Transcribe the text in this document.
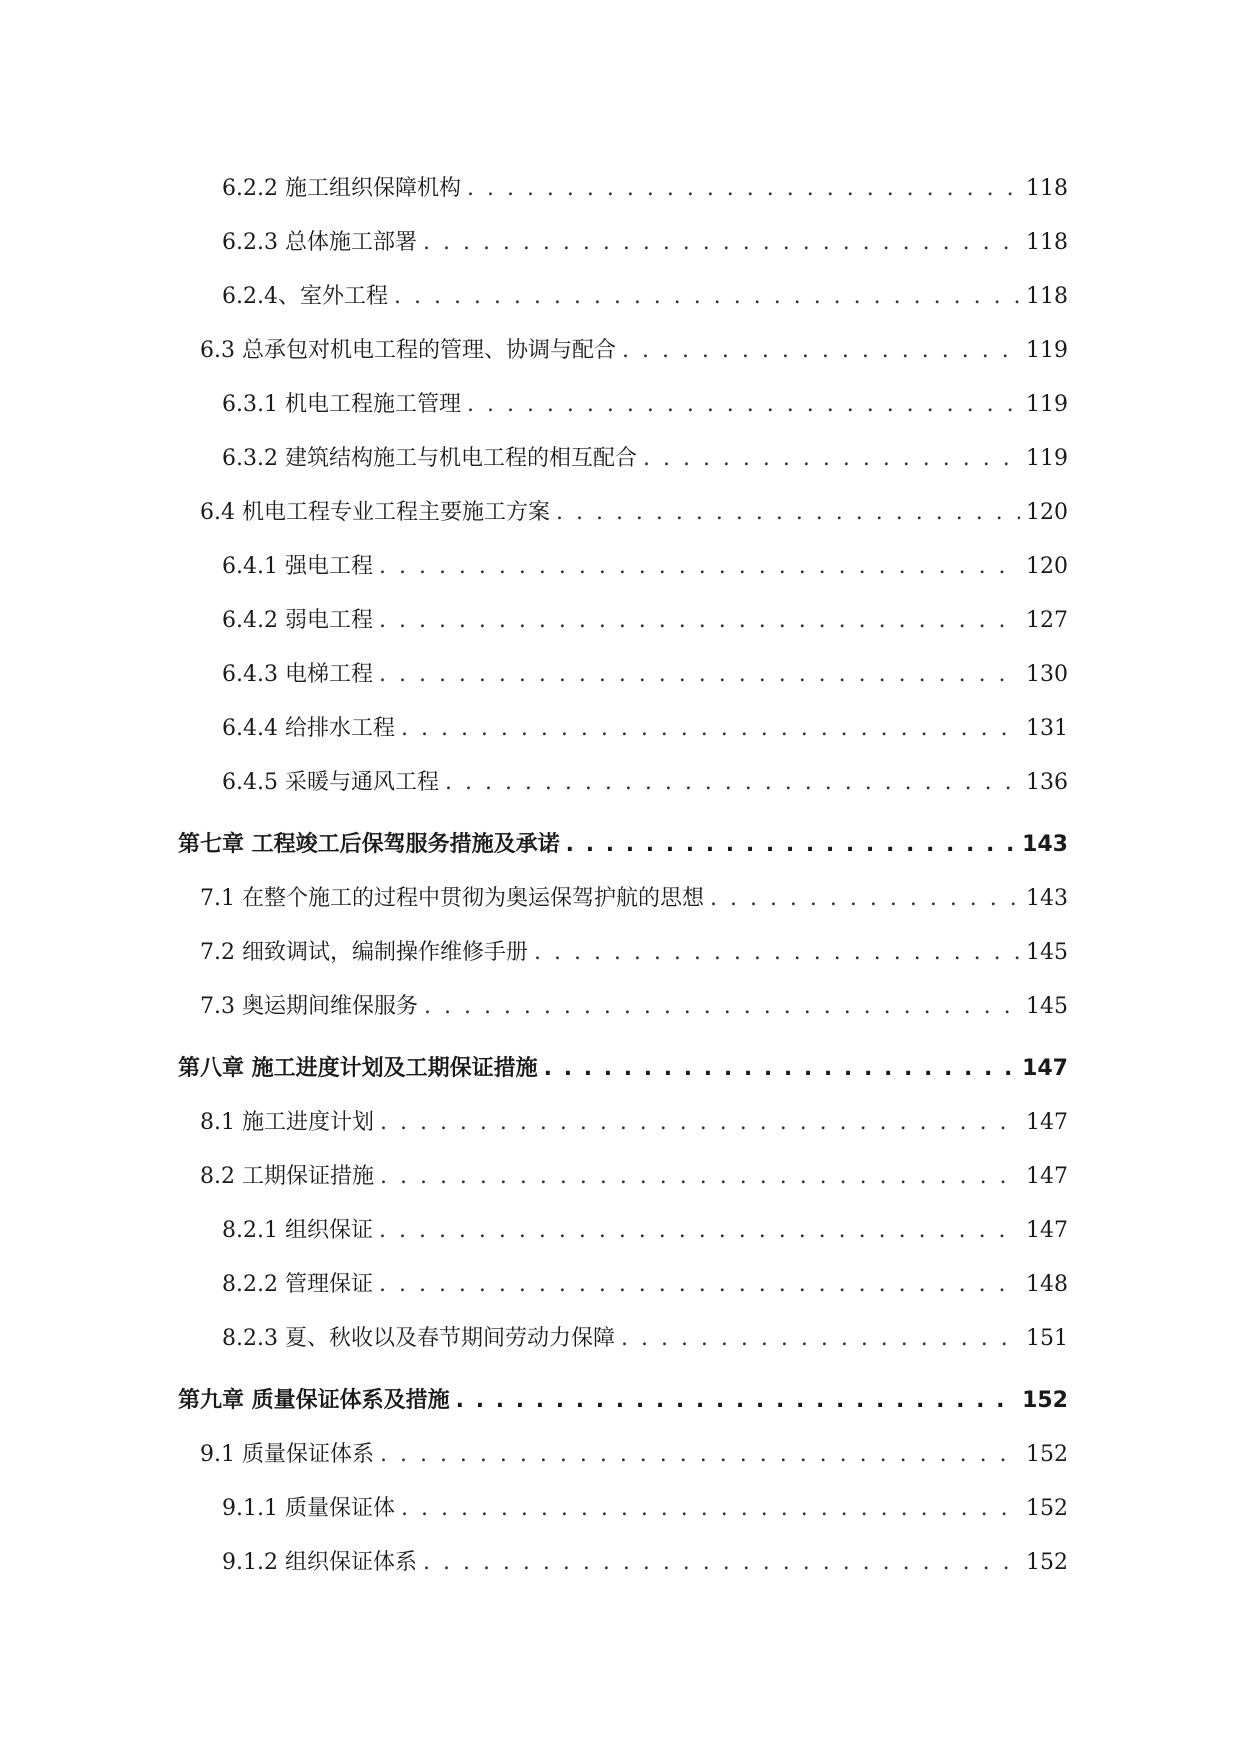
6.2.2 施工组织保障机构 . . .	118
6.2.3 总体施工部署 . . .	118
6.2.4、室外工程 . . .	118
6.3 总承包对机电工程的管理、协调与配合 . . .	119
6.3.1 机电工程施工管理 . . .	119
6.3.2 建筑结构施工与机电工程的相互配合 . . .	119
6.4 机电工程专业工程主要施工方案 . . .	120
6.4.1 强电工程 . . .	120
6.4.2 弱电工程 . . .	127
6.4.3 电梯工程 . . .	130
6.4.4 给排水工程 . . .	131
6.4.5 采暖与通风工程 . . .	136
第七章 工程竣工后保驾服务措施及承诺 . . .	143
7.1 在整个施工的过程中贯彻为奥运保驾护航的思想 . . .	143
7.2 细致调试，编制操作维修手册 . . .	145
7.3 奥运期间维保服务 . . .	145
第八章 施工进度计划及工期保证措施 . . .	147
8.1 施工进度计划 . . .	147
8.2 工期保证措施 . . .	147
8.2.1 组织保证 . . .	147
8.2.2 管理保证 . . .	148
8.2.3 夏、秋收以及春节期间劳动力保障 . . .	151
第九章 质量保证体系及措施 . . .	152
9.1 质量保证体系 . . .	152
9.1.1 质量保证体 . . .	152
9.1.2 组织保证体系 . . .	152
